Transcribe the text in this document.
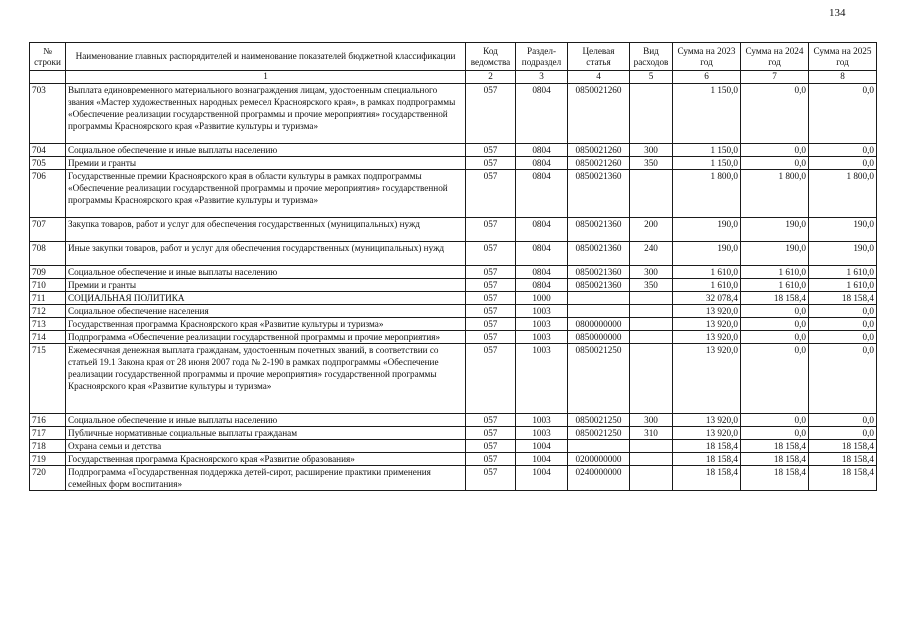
134
№ строки	Наименование главных распорядителей и наименование показателей бюджетной классификации	Код ведомства	Раздел-подраздел	Целевая статья	Вид расходов	Сумма на 2023 год	Сумма на 2024 год	Сумма на 2025 год
	1	2	3	4	5	6	7	8
703	Выплата единовременного материального вознаграждения лицам, удостоенным специального звания «Мастер художественных народных ремесел Красноярского края», в рамках подпрограммы «Обеспечение реализации государственной программы и прочие мероприятия» государственной программы Красноярского края «Развитие культуры и туризма»	057	0804	0850021260		1 150,0	0,0	0,0
704	Социальное обеспечение и иные выплаты населению	057	0804	0850021260	300	1 150,0	0,0	0,0
705	Премии и гранты	057	0804	0850021260	350	1 150,0	0,0	0,0
706	Государственные премии Красноярского края в области культуры в рамках подпрограммы «Обеспечение реализации государственной программы и прочие мероприятия» государственной программы Красноярского края «Развитие культуры и туризма»	057	0804	0850021360		1 800,0	1 800,0	1 800,0
707	Закупка товаров, работ и услуг для обеспечения государственных (муниципальных) нужд	057	0804	0850021360	200	190,0	190,0	190,0
708	Иные закупки товаров, работ и услуг для обеспечения государственных (муниципальных) нужд	057	0804	0850021360	240	190,0	190,0	190,0
709	Социальное обеспечение и иные выплаты населению	057	0804	0850021360	300	1 610,0	1 610,0	1 610,0
710	Премии и гранты	057	0804	0850021360	350	1 610,0	1 610,0	1 610,0
711	СОЦИАЛЬНАЯ ПОЛИТИКА	057	1000			32 078,4	18 158,4	18 158,4
712	Социальное обеспечение населения	057	1003			13 920,0	0,0	0,0
713	Государственная программа Красноярского края «Развитие культуры и туризма»	057	1003	0800000000		13 920,0	0,0	0,0
714	Подпрограмма «Обеспечение реализации государственной программы и прочие мероприятия»	057	1003	0850000000		13 920,0	0,0	0,0
715	Ежемесячная денежная выплата гражданам, удостоенным почетных званий, в соответствии со статьей 19.1 Закона края от 28 июня 2007 года № 2-190 в рамках подпрограммы «Обеспечение реализации государственной программы и прочие мероприятия» государственной программы Красноярского края «Развитие культуры и туризма»	057	1003	0850021250		13 920,0	0,0	0,0
716	Социальное обеспечение и иные выплаты населению	057	1003	0850021250	300	13 920,0	0,0	0,0
717	Публичные нормативные социальные выплаты гражданам	057	1003	0850021250	310	13 920,0	0,0	0,0
718	Охрана семьи и детства	057	1004			18 158,4	18 158,4	18 158,4
719	Государственная программа Красноярского края «Развитие образования»	057	1004	0200000000		18 158,4	18 158,4	18 158,4
720	Подпрограмма «Государственная поддержка детей-сирот, расширение практики применения семейных форм воспитания»	057	1004	0240000000		18 158,4	18 158,4	18 158,4
